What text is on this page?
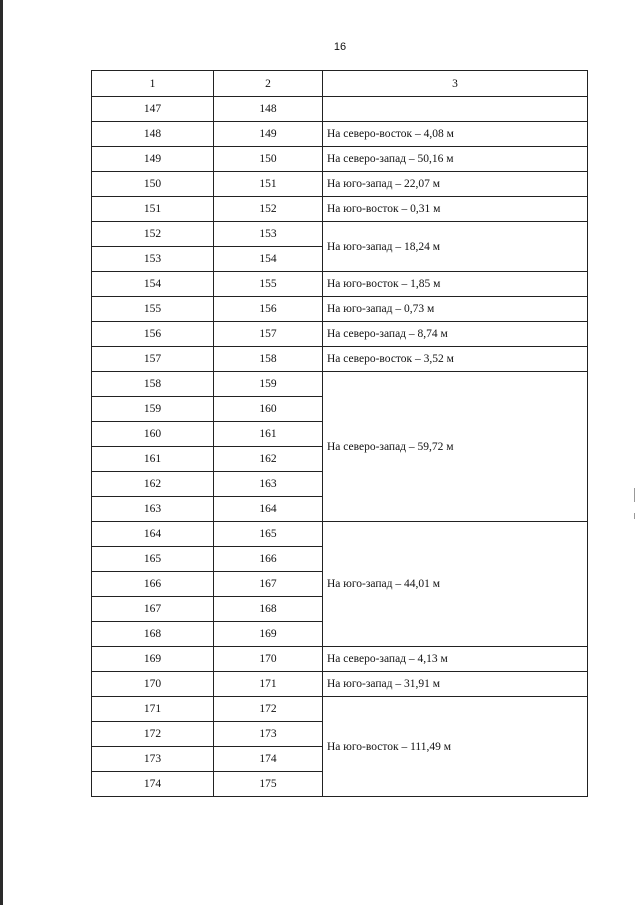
16
1	2	3
147	148	
148	149	На северо-восток – 4,08 м
149	150	На северо-запад – 50,16 м
150	151	На юго-запад – 22,07 м
151	152	На юго-восток – 0,31 м
152	153	На юго-запад – 18,24 м
153	154	
154	155	На юго-восток – 1,85 м
155	156	На юго-запад – 0,73 м
156	157	На северо-запад – 8,74 м
157	158	На северо-восток – 3,52 м
158	159	На северо-запад – 59,72 м
159	160	
160	161	
161	162	
162	163	
163	164	
164	165	На юго-запад – 44,01 м
165	166	
166	167	
167	168	
168	169	
169	170	На северо-запад – 4,13 м
170	171	На юго-запад – 31,91 м
171	172	На юго-восток – 111,49 м
172	173	
173	174	
174	175	
